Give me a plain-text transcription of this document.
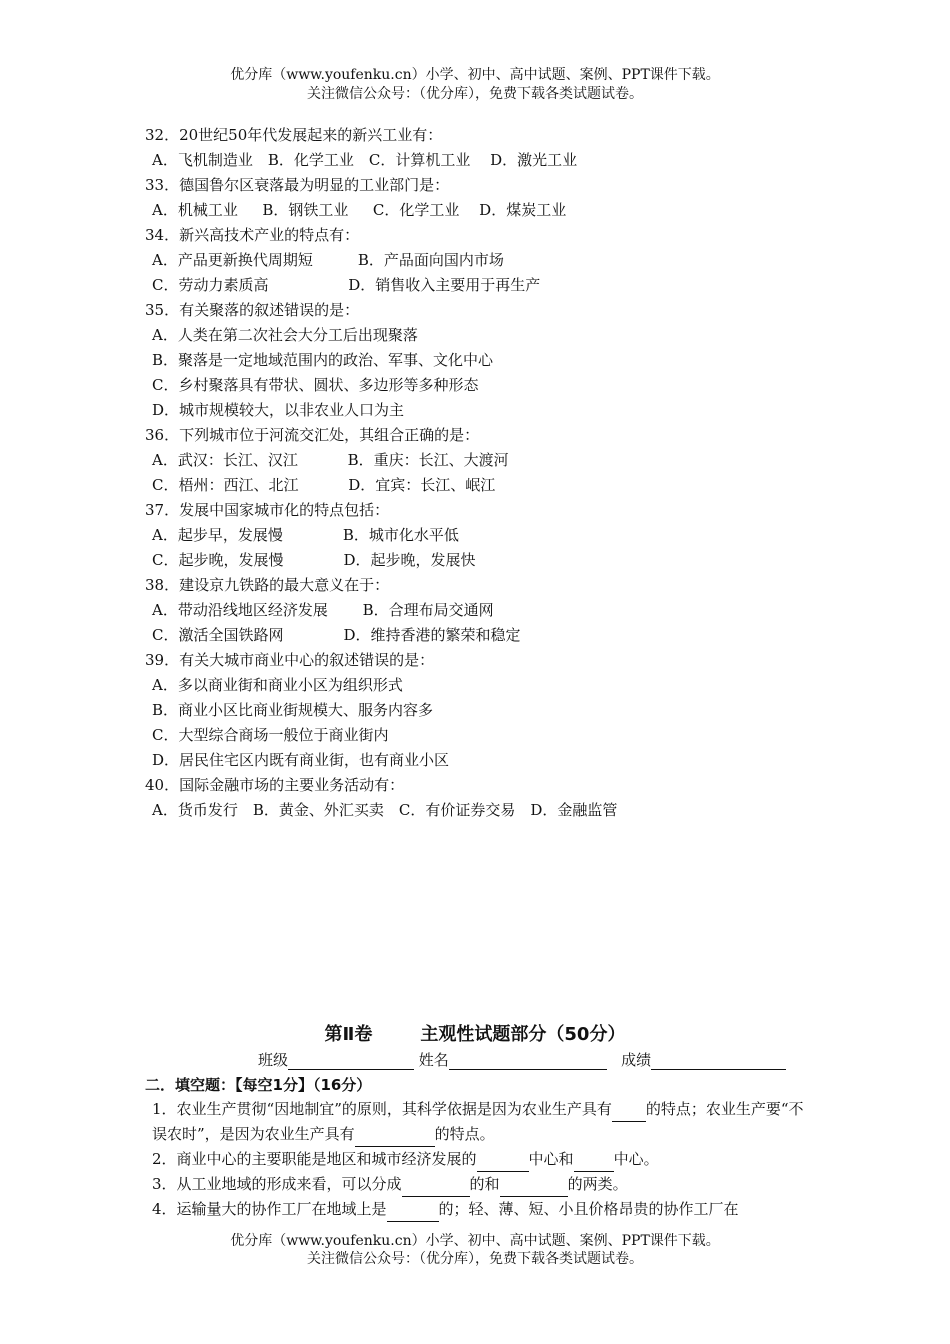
优分库（www.youfenku.cn）小学、初中、高中试题、案例、PPT课件下载。
关注微信公众号：（优分库），免费下载各类试题试卷。
32．20世纪50年代发展起来的新兴工业有：
A．飞机制造业　B．化学工业　C．计算机工业　 D．激光工业
33．德国鲁尔区衰落最为明显的工业部门是：
A．机械工业　  B．钢铁工业　  C．化学工业　 D．煤炭工业
34．新兴高技术产业的特点有：
A．产品更新换代周期短　　　B．产品面向国内市场
C．劳动力素质高　　　　　 D．销售收入主要用于再生产
35．有关聚落的叙述错误的是：
A．人类在第二次社会大分工后出现聚落
B．聚落是一定地域范围内的政治、军事、文化中心
C．乡村聚落具有带状、圆状、多边形等多种形态
D．城市规模较大，以非农业人口为主
36．下列城市位于河流交汇处，其组合正确的是：
A．武汉：长江、汉江　　　 B．重庆：长江、大渡河
C．梧州：西江、北江　　　 D．宜宾：长江、岷江
37．发展中国家城市化的特点包括：
A．起步早，发展慢　　　　B．城市化水平低
C．起步晚，发展慢　　　　D．起步晚，发展快
38．建设京九铁路的最大意义在于：
A．带动沿线地区经济发展　　 B．合理布局交通网
C．激活全国铁路网　　　　D．维持香港的繁荣和稳定
39．有关大城市商业中心的叙述错误的是：
A．多以商业街和商业小区为组织形式
B．商业小区比商业街规模大、服务内容多
C．大型综合商场一般位于商业街内
D．居民住宅区内既有商业街，也有商业小区
40．国际金融市场的主要业务活动有：
A．货币发行　B．黄金、外汇买卖　C．有价证券交易　D．金融监管
第Ⅱ卷	主观性试题部分（50分）
班级	姓名	成绩
二．填空题：【每空1分】（16分）
1．农业生产贯彻“因地制宜”的原则，其科学依据是因为农业生产具有 的特点；农业生产要“不误农时”，是因为农业生产具有	的特点。
2．商业中心的主要职能是地区和城市经济发展的	中心和	中心。
3．从工业地域的形成来看，可以分成	的和	的两类。
4．运输量大的协作工厂在地域上是	的；轻、薄、短、小且价格昂贵的协作工厂在
优分库（www.youfenku.cn）小学、初中、高中试题、案例、PPT课件下载。
关注微信公众号：（优分库），免费下载各类试题试卷。
